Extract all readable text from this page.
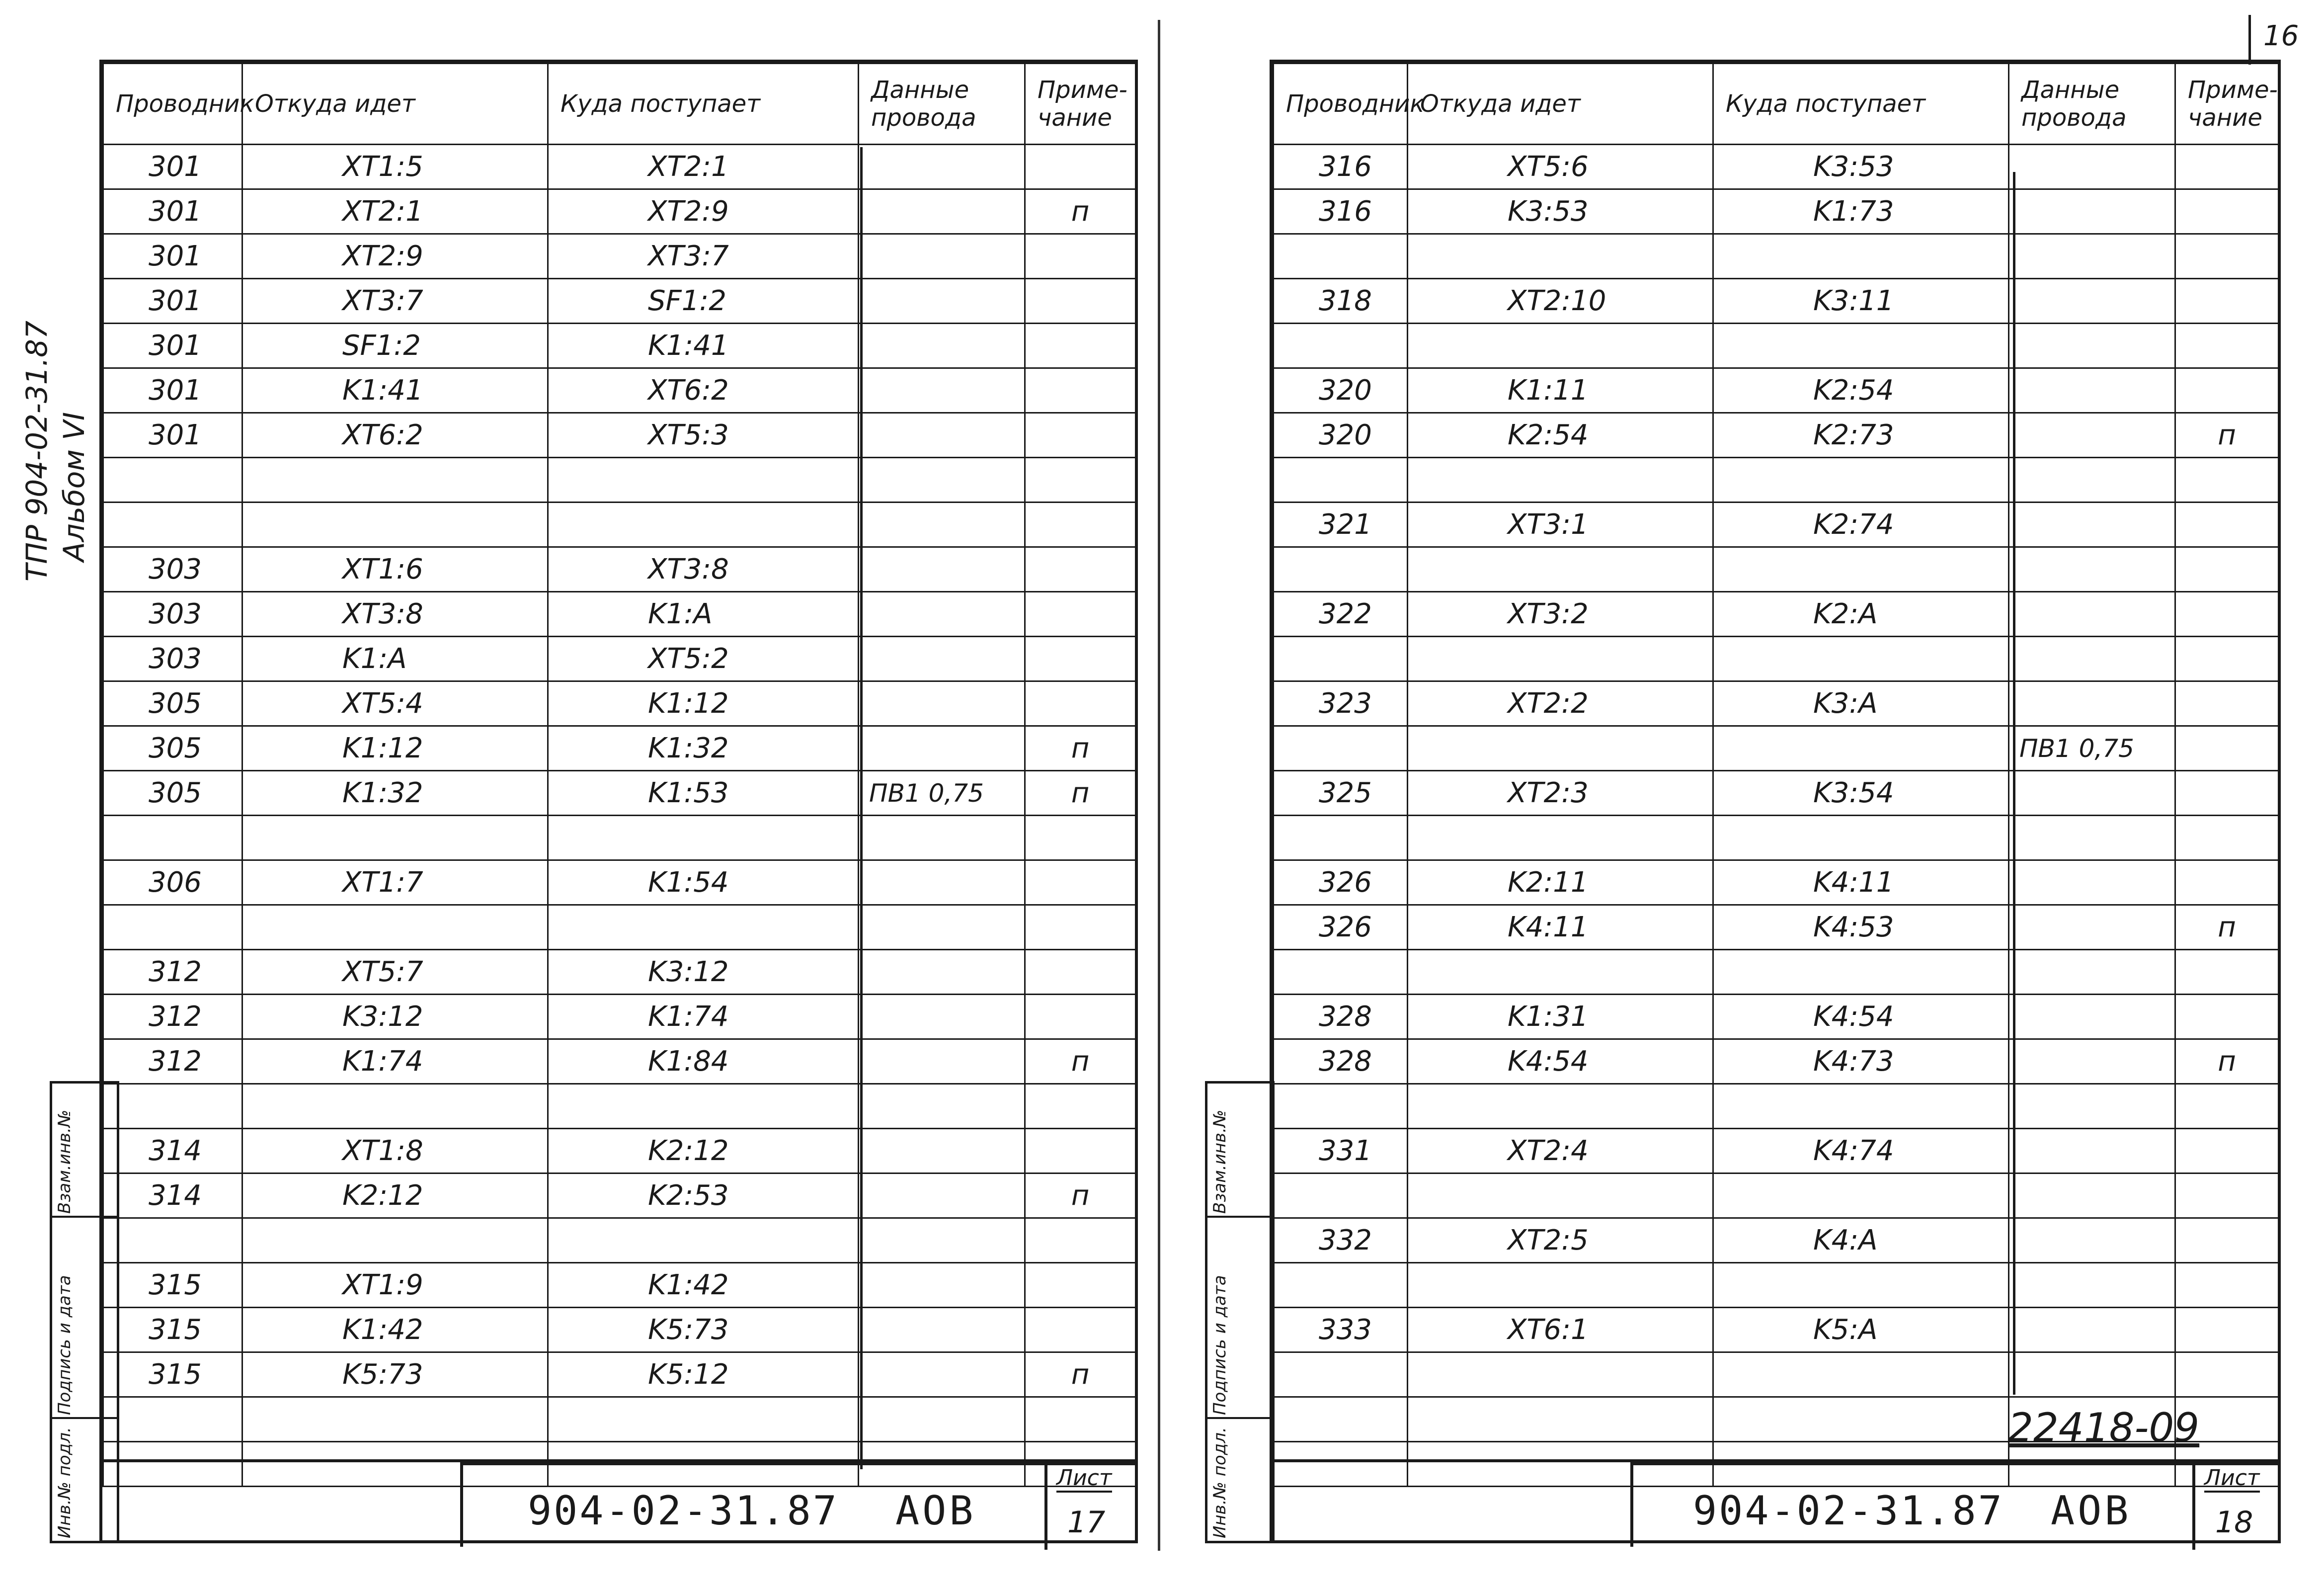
ТПР 904-02-31.87 Альбом VI
16
Проводник	Откуда идет	Куда поступает	Данные провода	Приме- чание
301	XT1:5	XT2:1		
301	XT2:1	XT2:9		п
301	XT2:9	XT3:7		
301	XT3:7	SF1:2		
301	SF1:2	K1:41		
301	K1:41	XT6:2		
301	XT6:2	XT5:3		

303	XT1:6	XT3:8		
303	XT3:8	K1:A		
303	K1:A	XT5:2		
305	XT5:4	K1:12		
305	K1:12	K1:32		п
305	K1:32	K1:53	ПВ1 0,75	п

306	XT1:7	K1:54		

312	XT5:7	K3:12		
312	K3:12	K1:74		
312	K1:74	K1:84		п

314	XT1:8	K2:12		
314	K2:12	K2:53		п

315	XT1:9	K1:42		
315	K1:42	K5:73		
315	K5:73	K5:12		п

904-02-31.87 АОВ
Лист
17
Взам.инв.№
Подпись и дата
Инв.№ подл.
Проводник	Откуда идет	Куда поступает	Данные провода	Приме- чание
316	XT5:6	K3:53		
316	K3:53	K1:73		

318	XT2:10	K3:11		

320	K1:11	K2:54		
320	K2:54	K2:73		п

321	XT3:1	K2:74		

322	XT3:2	K2:A		

323	XT2:2	K3:A		
			ПВ1 0,75	
325	XT2:3	K3:54		

326	K2:11	K4:11		
326	K4:11	K4:53		п

328	K1:31	K4:54		
328	K4:54	K4:73		п

331	XT2:4	K4:74		

332	XT2:5	K4:A		

333	XT6:1	K5:A		

22418-09
904-02-31.87 АОВ
Лист
18
Взам.инв.№
Подпись и дата
Инв.№ подл.
